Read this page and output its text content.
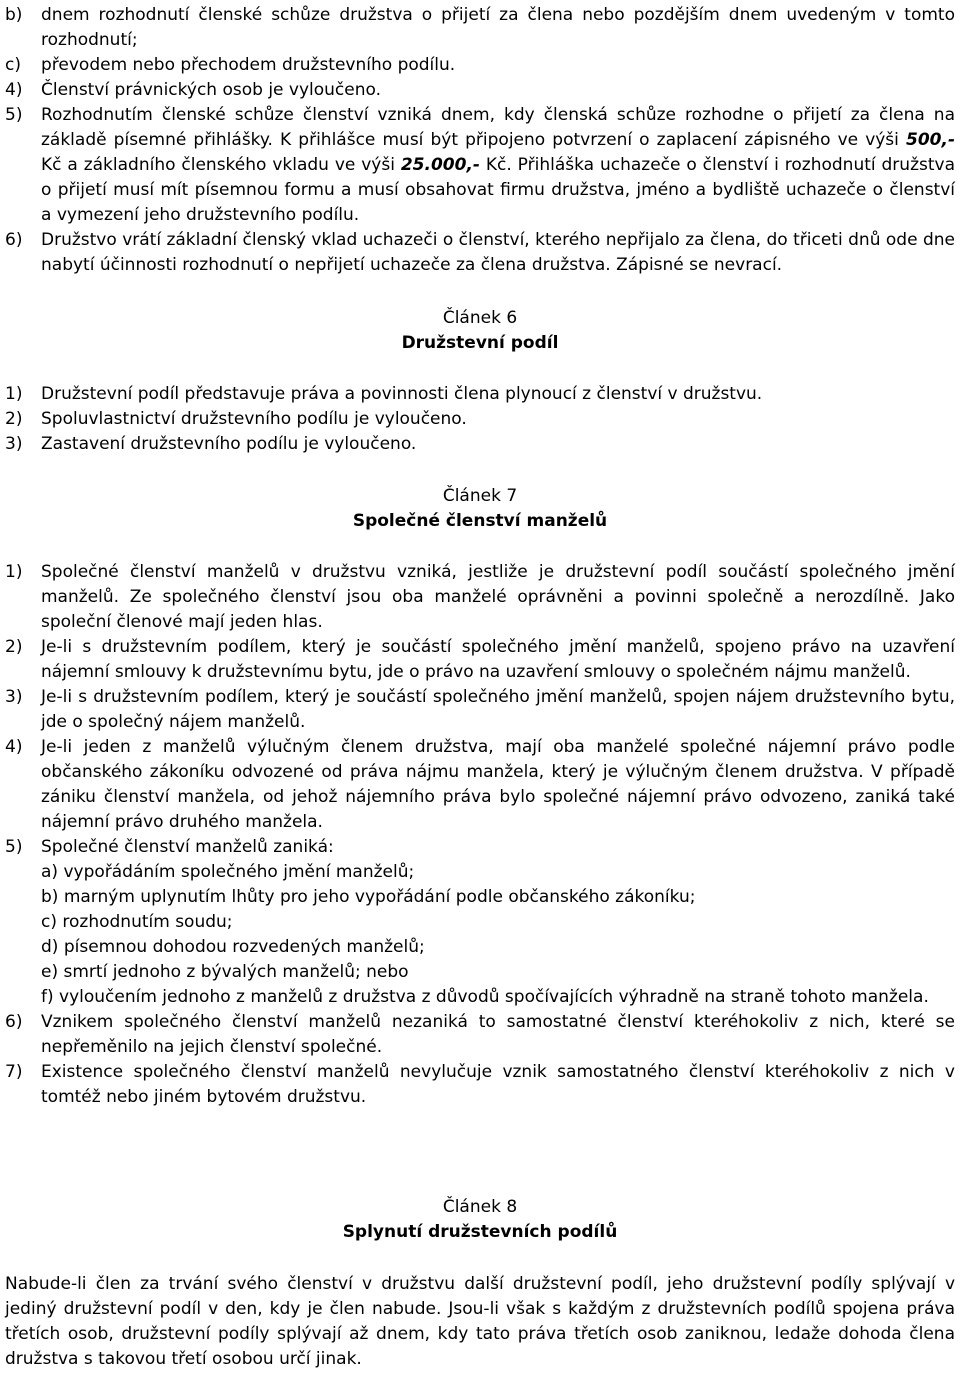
b)	dnem rozhodnutí členské schůze družstva o přijetí za člena nebo pozdějším dnem uvedeným v tomto rozhodnutí;
c)	převodem nebo přechodem družstevního podílu.
4)	Členství právnických osob je vyloučeno.
5)	Rozhodnutím členské schůze členství vzniká dnem, kdy členská schůze rozhodne o přijetí za člena na základě písemné přihlášky. K přihlášce musí být připojeno potvrzení o zaplacení zápisného ve výši 500,- Kč a základního členského vkladu ve výši 25.000,- Kč. Přihláška uchazeče o členství i rozhodnutí družstva o přijetí musí mít písemnou formu a musí obsahovat firmu družstva, jméno a bydliště uchazeče o členství a vymezení jeho družstevního podílu.
6)	Družstvo vrátí základní členský vklad uchazeči o členství, kterého nepřijalo za člena, do třiceti dnů ode dne nabytí účinnosti rozhodnutí o nepřijetí uchazeče za člena družstva. Zápisné se nevrací.

Článek 6

Družstevní podíl

1)	Družstevní podíl představuje práva a povinnosti člena plynoucí z členství v družstvu.
2)	Spoluvlastnictví družstevního podílu je vyloučeno.
3)	Zastavení družstevního podílu je vyloučeno.

Článek 7

Společné členství manželů

1)	Společné členství manželů v družstvu vzniká, jestliže je družstevní podíl součástí společného jmění manželů. Ze společného členství jsou oba manželé oprávněni a povinni společně a nerozdílně. Jako společní členové mají jeden hlas.
2)	Je-li s družstevním podílem, který je součástí společného jmění manželů, spojeno právo na uzavření nájemní smlouvy k družstevnímu bytu, jde o právo na uzavření smlouvy o společném nájmu manželů.
3)	Je-li s družstevním podílem, který je součástí společného jmění manželů, spojen nájem družstevního bytu, jde o společný nájem manželů.
4)	Je-li jeden z manželů výlučným členem družstva, mají oba manželé společné nájemní právo podle občanského zákoníku odvozené od práva nájmu manžela, který je výlučným členem družstva. V případě zániku členství manžela, od jehož nájemního práva bylo společné nájemní právo odvozeno, zaniká také nájemní právo druhého manžela.
5)	Společné členství manželů zaniká:

a) vypořádáním společného jmění manželů;

b) marným uplynutím lhůty pro jeho vypořádání podle občanského zákoníku;

c) rozhodnutím soudu;

d) písemnou dohodou rozvedených manželů;

e) smrtí jednoho z bývalých manželů; nebo

f) vyloučením jednoho z manželů z družstva z důvodů spočívajících výhradně na straně tohoto manžela.

6)	Vznikem společného členství manželů nezaniká to samostatné členství kteréhokoliv z nich, které se nepřeměnilo na jejich členství společné.
7)	Existence společného členství manželů nevylučuje vznik samostatného členství kteréhokoliv z nich v tomtéž nebo jiném bytovém družstvu.

Článek 8

Splynutí družstevních podílů

Nabude-li člen za trvání svého členství v družstvu další družstevní podíl, jeho družstevní podíly splývají v jediný družstevní podíl v den, kdy je člen nabude. Jsou-li však s každým z družstevních podílů spojena práva třetích osob, družstevní podíly splývají až dnem, kdy tato práva třetích osob zaniknou, ledaže dohoda člena družstva s takovou třetí osobou určí jinak.
